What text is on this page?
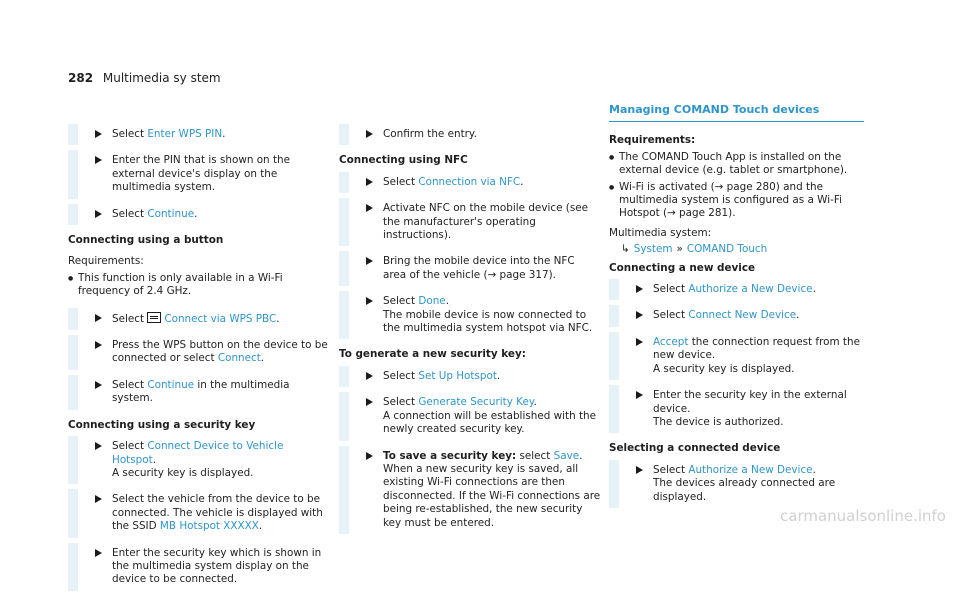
282 Multimedia sy stem
Select Enter WPS PIN.
Enter the PIN that is shown on the external device's display on the multimedia system.
Select Continue.
Connecting using a button
Requirements:
● This function is only available in a Wi‑Fi frequency of 2.4 GHz.
Select Connect via WPS PBC.
Press the WPS button on the device to be connected or select Connect.
Select Continue in the multimedia system.
Connecting using a security key
Select Connect Device to Vehicle Hotspot.
A security key is displayed.
Select the vehicle from the device to be connected. The vehicle is displayed with the SSID MB Hotspot XXXXX.
Enter the security key which is shown in the multimedia system display on the device to be connected.
Confirm the entry.
Connecting using NFC
Select Connection via NFC.
Activate NFC on the mobile device (see the manufacturer's operating instructions).
Bring the mobile device into the NFC area of the vehicle (→ page 317).
Select Done.
The mobile device is now connected to the multimedia system hotspot via NFC.
To generate a new security key:
Select Set Up Hotspot.
Select Generate Security Key.
A connection will be established with the newly created security key.
To save a security key: select Save.
When a new security key is saved, all existing Wi‑Fi connections are then disconnected. If the Wi‑Fi connections are being re‑established, the new security key must be entered.
Managing COMAND Touch devices
Requirements:
● The COMAND Touch App is installed on the external device (e.g. tablet or smartphone).
● Wi‑Fi is activated (→ page 280) and the multimedia system is configured as a Wi‑Fi Hotspot (→ page 281).
Multimedia system:
↳ System » COMAND Touch
Connecting a new device
Select Authorize a New Device.
Select Connect New Device.
Accept the connection request from the new device.
A security key is displayed.
Enter the security key in the external device.
The device is authorized.
Selecting a connected device
Select Authorize a New Device.
The devices already connected are displayed.
carmanualsonline.info
